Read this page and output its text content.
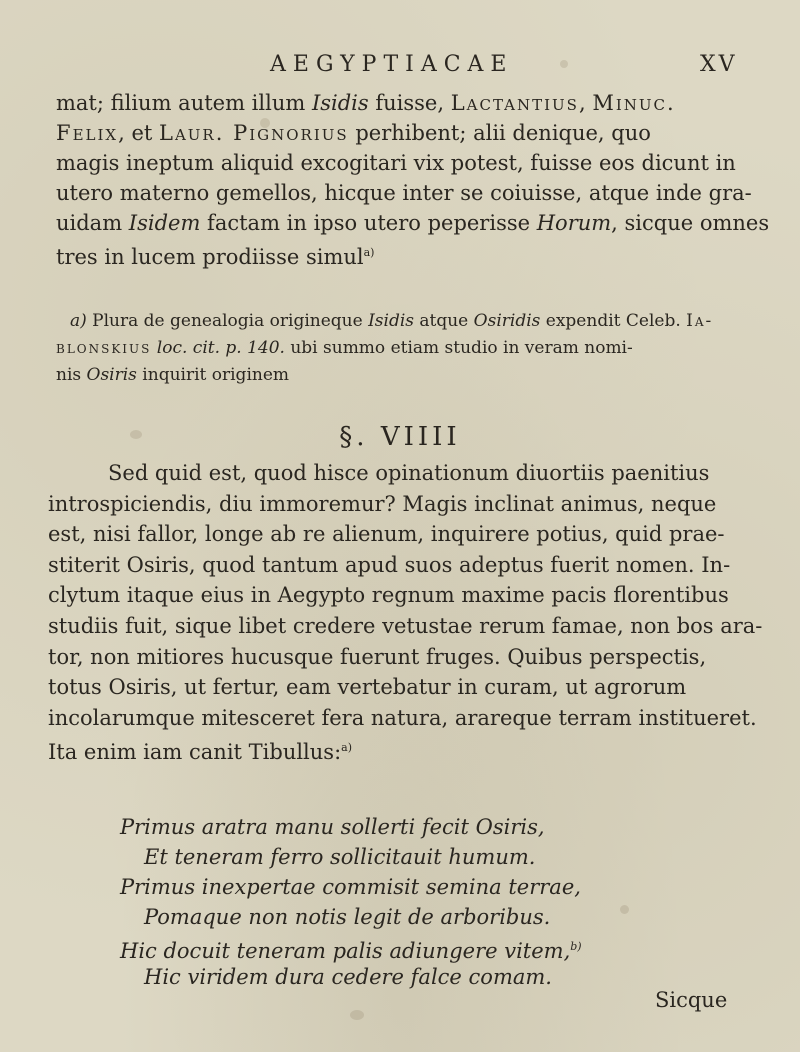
AEGYPTIACAE	XV
mat; filium autem illum Isidis fuisse, Lactantius, Minuc.
Felix, et Laur. Pignorius perhibent; alii denique, quo
magis ineptum aliquid excogitari vix potest, fuisse eos dicunt in
utero materno gemellos, hicque inter se coiuisse, atque inde gra-
uidam Isidem factam in ipso utero peperisse Horum, sicque omnes
tres in lucem prodiisse simul$^{a)}$
a) Plura de genealogia origineque Isidis atque Osiridis expendit Celeb. Ia-
blonskius loc. cit. p. 140. ubi summo etiam studio in veram nomi-
nis Osiris inquirit originem
§. VIIII
Sed quid est, quod hisce opinationum diuortiis paenitius
introspiciendis, diu immoremur? Magis inclinat animus, neque
est, nisi fallor, longe ab re alienum, inquirere potius, quid prae-
stiterit Osiris, quod tantum apud suos adeptus fuerit nomen. In-
clytum itaque eius in Aegypto regnum maxime pacis florentibus
studiis fuit, sique libet credere vetustae rerum famae, non bos ara-
tor, non mitiores hucusque fuerunt fruges. Quibus perspectis,
totus Osiris, ut fertur, eam vertebatur in curam, ut agrorum
incolarumque mitesceret fera natura, arareque terram institueret.
Ita enim iam canit Tibullus:$^{a)}$
Primus aratra manu sollerti fecit Osiris,
Et teneram ferro sollicitauit humum.
Primus inexpertae commisit semina terrae,
Pomaque non notis legit de arboribus.
Hic docuit teneram palis adiungere vitem,$^{b)}$
Hic viridem dura cedere falce comam.
Sicque
